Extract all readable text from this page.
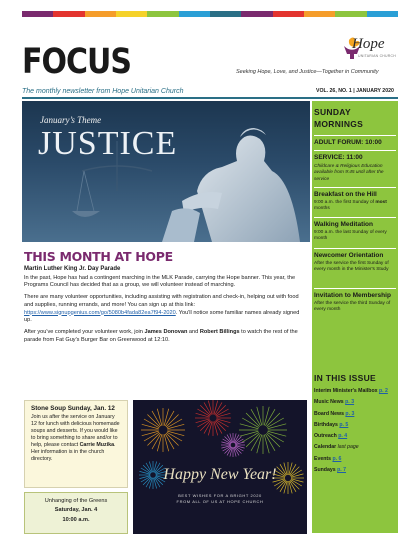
FOCUS	Hope
UNITARIAN CHURCH
Seeking Hope, Love, and Justice—Together in Community
The monthly newsletter from Hope Unitarian Church	VOL. 26, NO. 1 | JANUARY 2020
January’s Theme
JUSTICE
SUNDAY
MORNINGS
ADULT FORUM: 10:00
SERVICE: 11:00
Childcare & Religious Education available from 9:45 until after the service
Breakfast on the Hill
9:00 a.m. the first Sunday of most months
Walking Meditation
9:00 a.m. the last Sunday of every month
Newcomer Orientation
After the service the first Sunday of every month in the Minister's Study
Invitation to Membership
After the service the third Sunday of every month
IN THIS ISSUE
Interim Minister's Mailbox p. 2
Music News p. 3
Board News p. 3
Birthdays p. 5
Outreach p. 4
Calendar last page
Events p. 6
Sundays p. 7
THIS MONTH AT HOPE
Martin Luther King Jr. Day Parade

In the past, Hope has had a contingent marching in the MLK Parade, carrying the Hope banner. This year, the Programs Council has decided that as a group, we will volunteer instead of marching.

There are many volunteer opportunities, including assisting with registration and check-in, helping out with food and supplies, running errands, and more! You can sign up at this link: https://www.signupgenius.com/go/5080b4fada82ea7f94-2020. You'll notice some familiar names already signed up.

After you've completed your volunteer work, join James Donovan and Robert Billings to watch the rest of the parade from Fat Guy's Burger Bar on Greenwood at 12:10.

Stone Soup Sunday, Jan. 12

Join us after the service on January 12 for lunch with delicious homemade soups and desserts. If you would like to bring something to share and/or to help, please contact Carrie Muzika. Her information is in the church directory.

Unhanging of the Greens
Saturday, Jan. 4
10:00 a.m.
Happy New Year!
BEST WISHES FOR A BRIGHT 2020
FROM ALL OF US AT HOPE CHURCH
